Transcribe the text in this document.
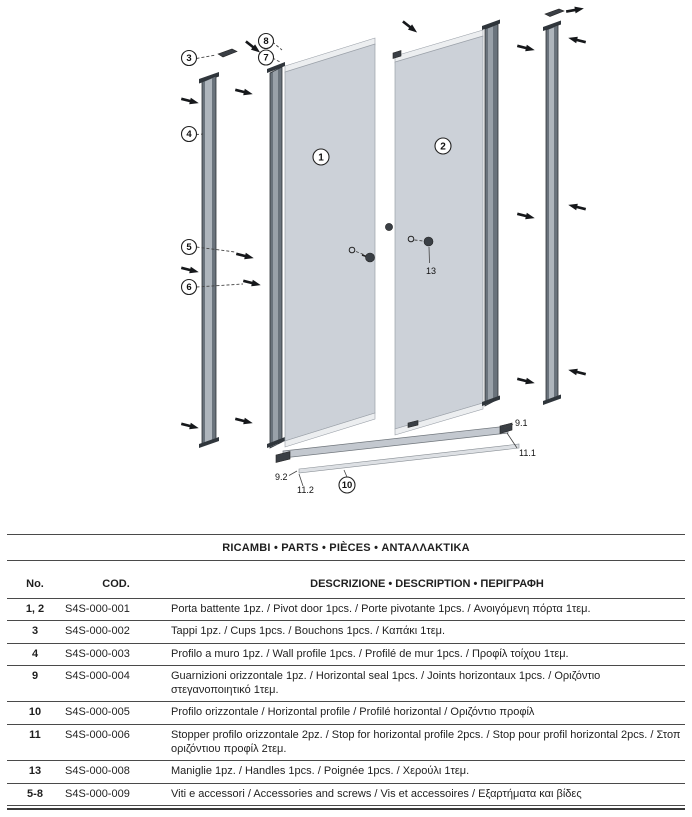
3
4
5
6
8
7
1
2
10
13
9.1
11.1
9.2
11.2
RICAMBI • PARTS • PIÈCES • ΑΝΤΑΛΛΑΚΤΙΚΑ
No.	COD.	DESCRIZIONE • DESCRIPTION • ΠΕΡΙΓΡΑΦΗ
1, 2	S4S-000-001	Porta battente 1pz. / Pivot door 1pcs. / Porte pivotante 1pcs. / Ανοιγόμενη πόρτα 1τεμ.
3	S4S-000-002	Tappi 1pz. / Cups 1pcs. / Bouchons 1pcs. / Καπάκι 1τεμ.
4	S4S-000-003	Profilo a muro 1pz. / Wall profile 1pcs. / Profilé de mur 1pcs. / Προφίλ τοίχου 1τεμ.
9	S4S-000-004	Guarnizioni orizzontale 1pz. / Horizontal seal 1pcs. / Joints horizontaux 1pcs. / Οριζόντιο στεγανοποιητικό 1τεμ.
10	S4S-000-005	Profilo orizzontale / Horizontal profile / Profilé horizontal / Οριζόντιο προφίλ
11	S4S-000-006	Stopper profilo orizzontale 2pz. / Stop for horizontal profile 2pcs. / Stop pour profil horizontal 2pcs. / Στοπ οριζόντιου προφίλ 2τεμ.
13	S4S-000-008	Maniglie 1pz. / Handles 1pcs. / Poignée 1pcs. / Χερούλι 1τεμ.
5-8	S4S-000-009	Viti e accessori / Accessories and screws / Vis et accessoires / Εξαρτήματα και βίδες
